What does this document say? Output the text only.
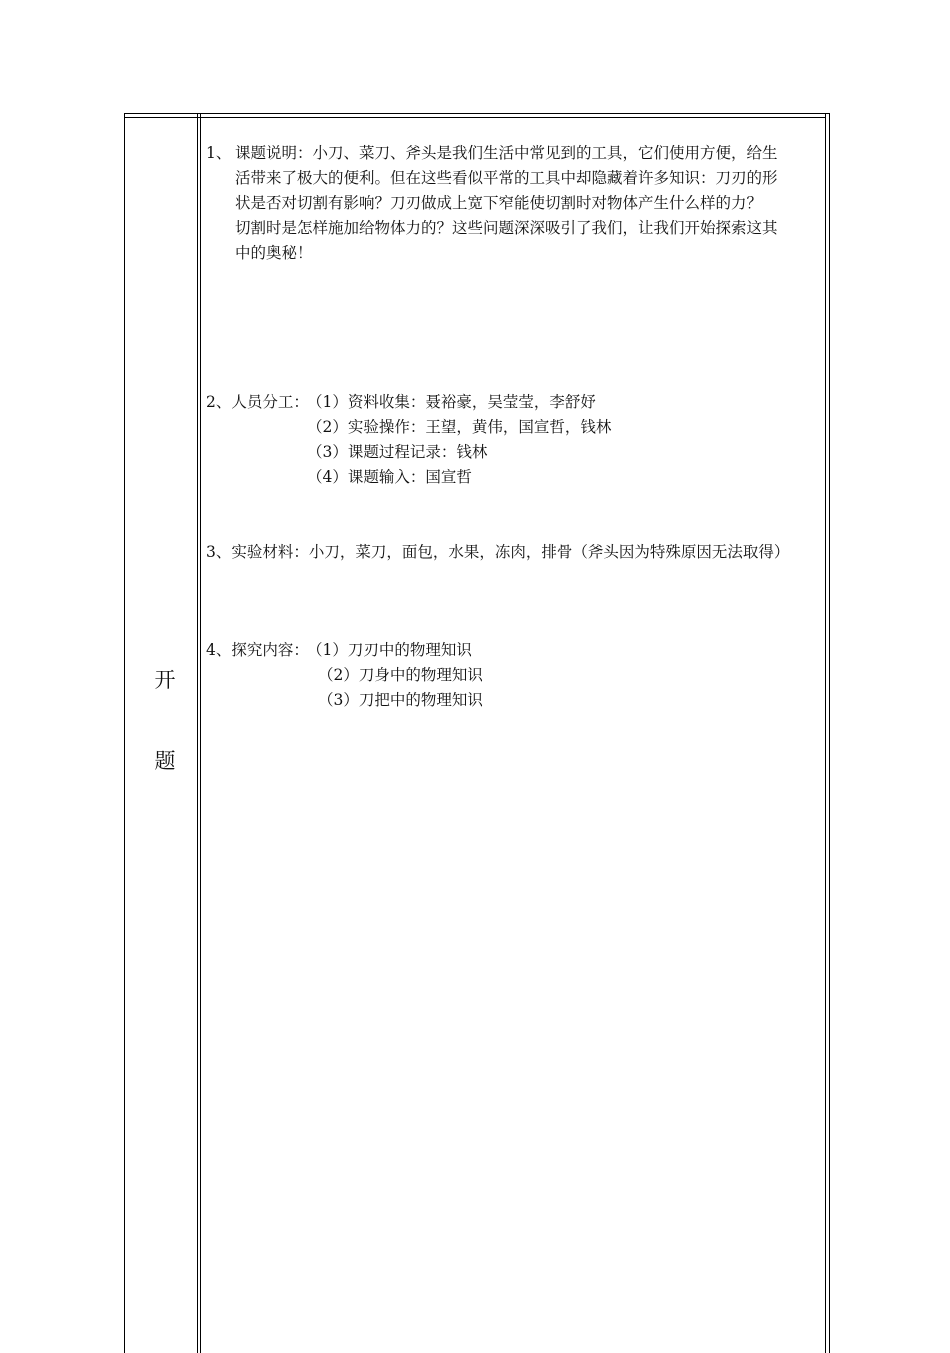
开
题
1、 课题说明：小刀、菜刀、斧头是我们生活中常见到的工具，它们使用方便，给生
活带来了极大的便利。但在这些看似平常的工具中却隐藏着许多知识：刀刃的形
状是否对切割有影响？刀刃做成上宽下窄能使切割时对物体产生什么样的力？
切割时是怎样施加给物体力的？这些问题深深吸引了我们，让我们开始探索这其
中的奥秘！
2、人员分工：
（1）资料收集：聂裕豪，吴莹莹，李舒妤
（2）实验操作：王望，黄伟，国宣哲，钱林
（3）课题过程记录：钱林
（4）课题输入：国宣哲
3、实验材料：小刀，菜刀，面包，水果，冻肉，排骨（斧头因为特殊原因无法取得）
4、探究内容：
（1）刀刃中的物理知识
（2）刀身中的物理知识
（3）刀把中的物理知识
